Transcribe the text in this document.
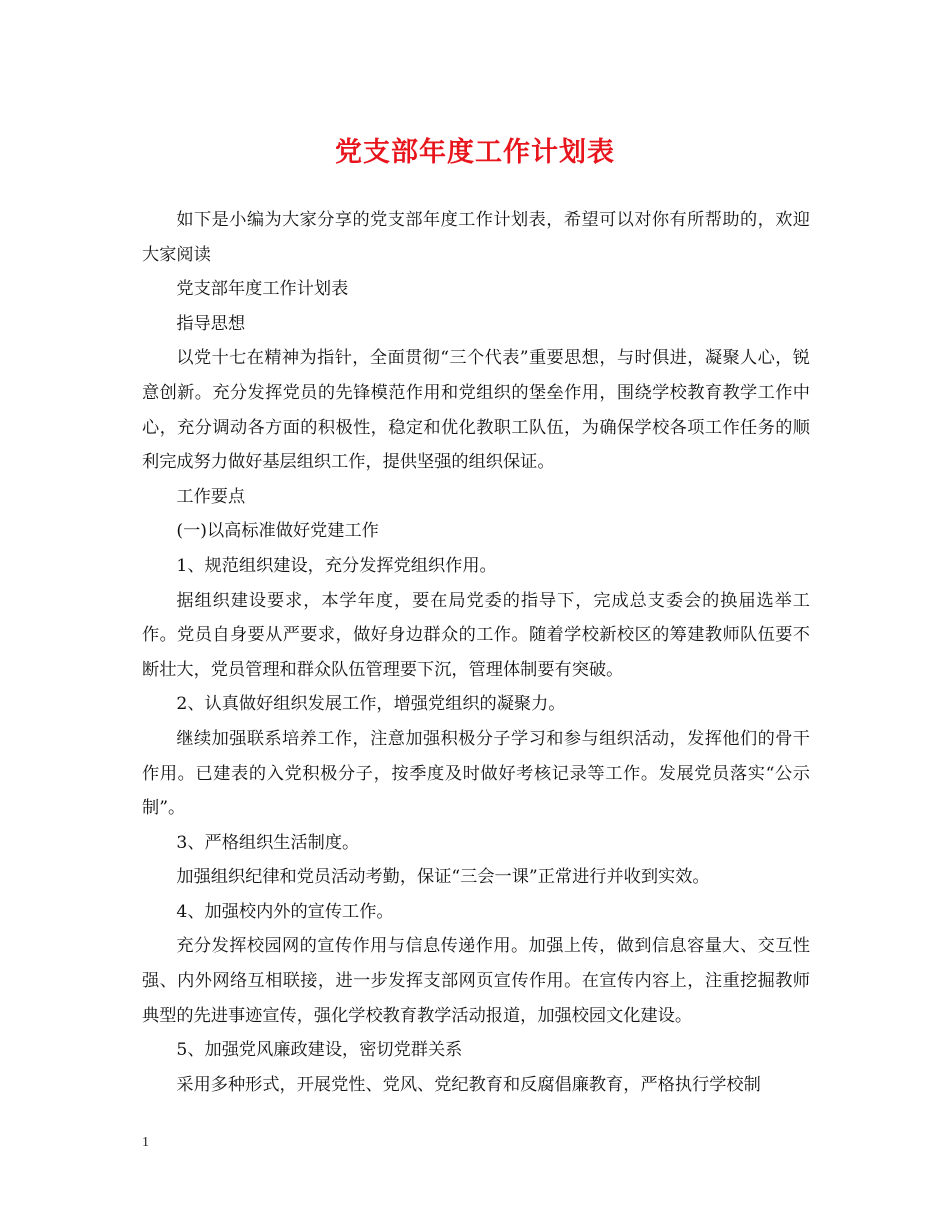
党支部年度工作计划表

如下是小编为大家分享的党支部年度工作计划表，希望可以对你有所帮助的，欢迎大家阅读

党支部年度工作计划表

指导思想

以党十七在精神为指针，全面贯彻“三个代表”重要思想，与时俱进，凝聚人心，锐意创新。充分发挥党员的先锋模范作用和党组织的堡垒作用，围绕学校教育教学工作中心，充分调动各方面的积极性，稳定和优化教职工队伍，为确保学校各项工作任务的顺利完成努力做好基层组织工作，提供坚强的组织保证。

工作要点

(一)以高标准做好党建工作

1、规范组织建设，充分发挥党组织作用。

据组织建设要求，本学年度，要在局党委的指导下，完成总支委会的换届选举工作。党员自身要从严要求，做好身边群众的工作。随着学校新校区的筹建教师队伍要不断壮大，党员管理和群众队伍管理要下沉，管理体制要有突破。

2、认真做好组织发展工作，增强党组织的凝聚力。

继续加强联系培养工作，注意加强积极分子学习和参与组织活动，发挥他们的骨干作用。已建表的入党积极分子，按季度及时做好考核记录等工作。发展党员落实“公示制”。

3、严格组织生活制度。

加强组织纪律和党员活动考勤，保证“三会一课”正常进行并收到实效。

4、加强校内外的宣传工作。

充分发挥校园网的宣传作用与信息传递作用。加强上传，做到信息容量大、交互性强、内外网络互相联接，进一步发挥支部网页宣传作用。在宣传内容上，注重挖掘教师典型的先进事迹宣传，强化学校教育教学活动报道，加强校园文化建设。

5、加强党风廉政建设，密切党群关系

采用多种形式，开展党性、党风、党纪教育和反腐倡廉教育，严格执行学校制

1
